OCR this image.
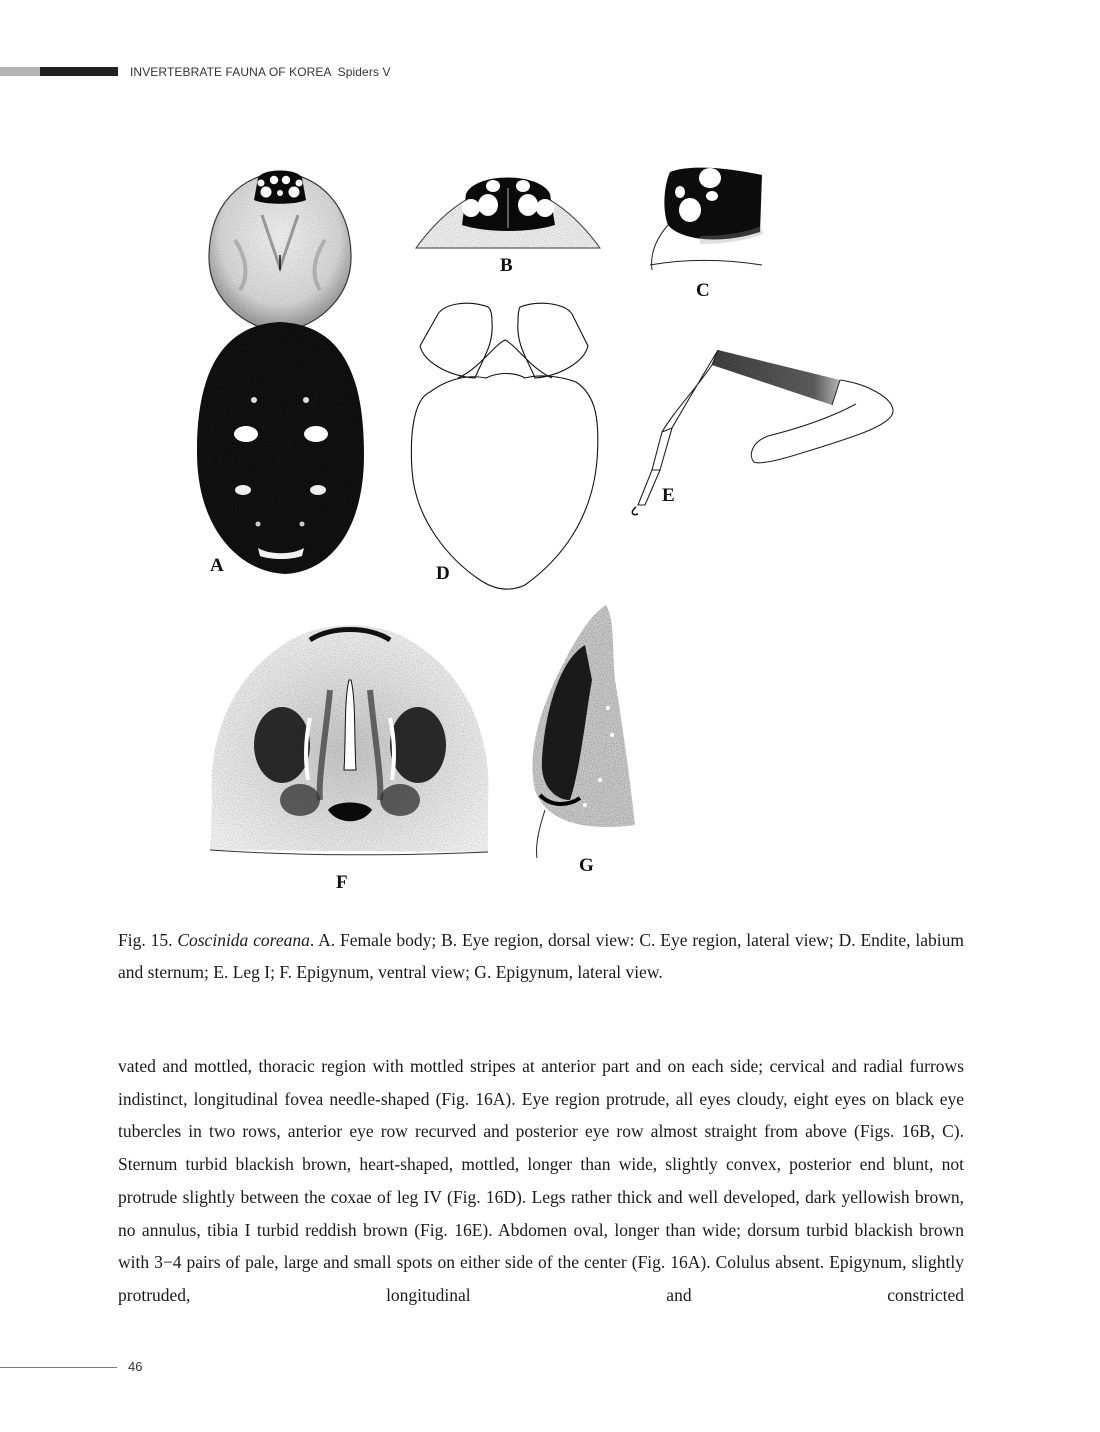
INVERTEBRATE FAUNA OF KOREA Spiders V
A
B
C
D
E
F
G
Fig. 15. Coscinida coreana. A. Female body; B. Eye region, dorsal view: C. Eye region, lateral view; D. Endite, labium and sternum; E. Leg I; F. Epigynum, ventral view; G. Epigynum, lateral view.
vated and mottled, thoracic region with mottled stripes at anterior part and on each side; cervical and radial furrows indistinct, longitudinal fovea needle-shaped (Fig. 16A). Eye region protrude, all eyes cloudy, eight eyes on black eye tubercles in two rows, anterior eye row recurved and posterior eye row almost straight from above (Figs. 16B, C). Sternum turbid blackish brown, heart-shaped, mottled, longer than wide, slightly convex, posterior end blunt, not protrude slightly between the coxae of leg IV (Fig. 16D). Legs rather thick and well developed, dark yellowish brown, no annulus, tibia I turbid reddish brown (Fig. 16E). Abdomen oval, longer than wide; dorsum turbid blackish brown with 3−4 pairs of pale, large and small spots on either side of the center (Fig. 16A). Colulus absent. Epigynum, slightly protruded, longitudinal and constricted
46
